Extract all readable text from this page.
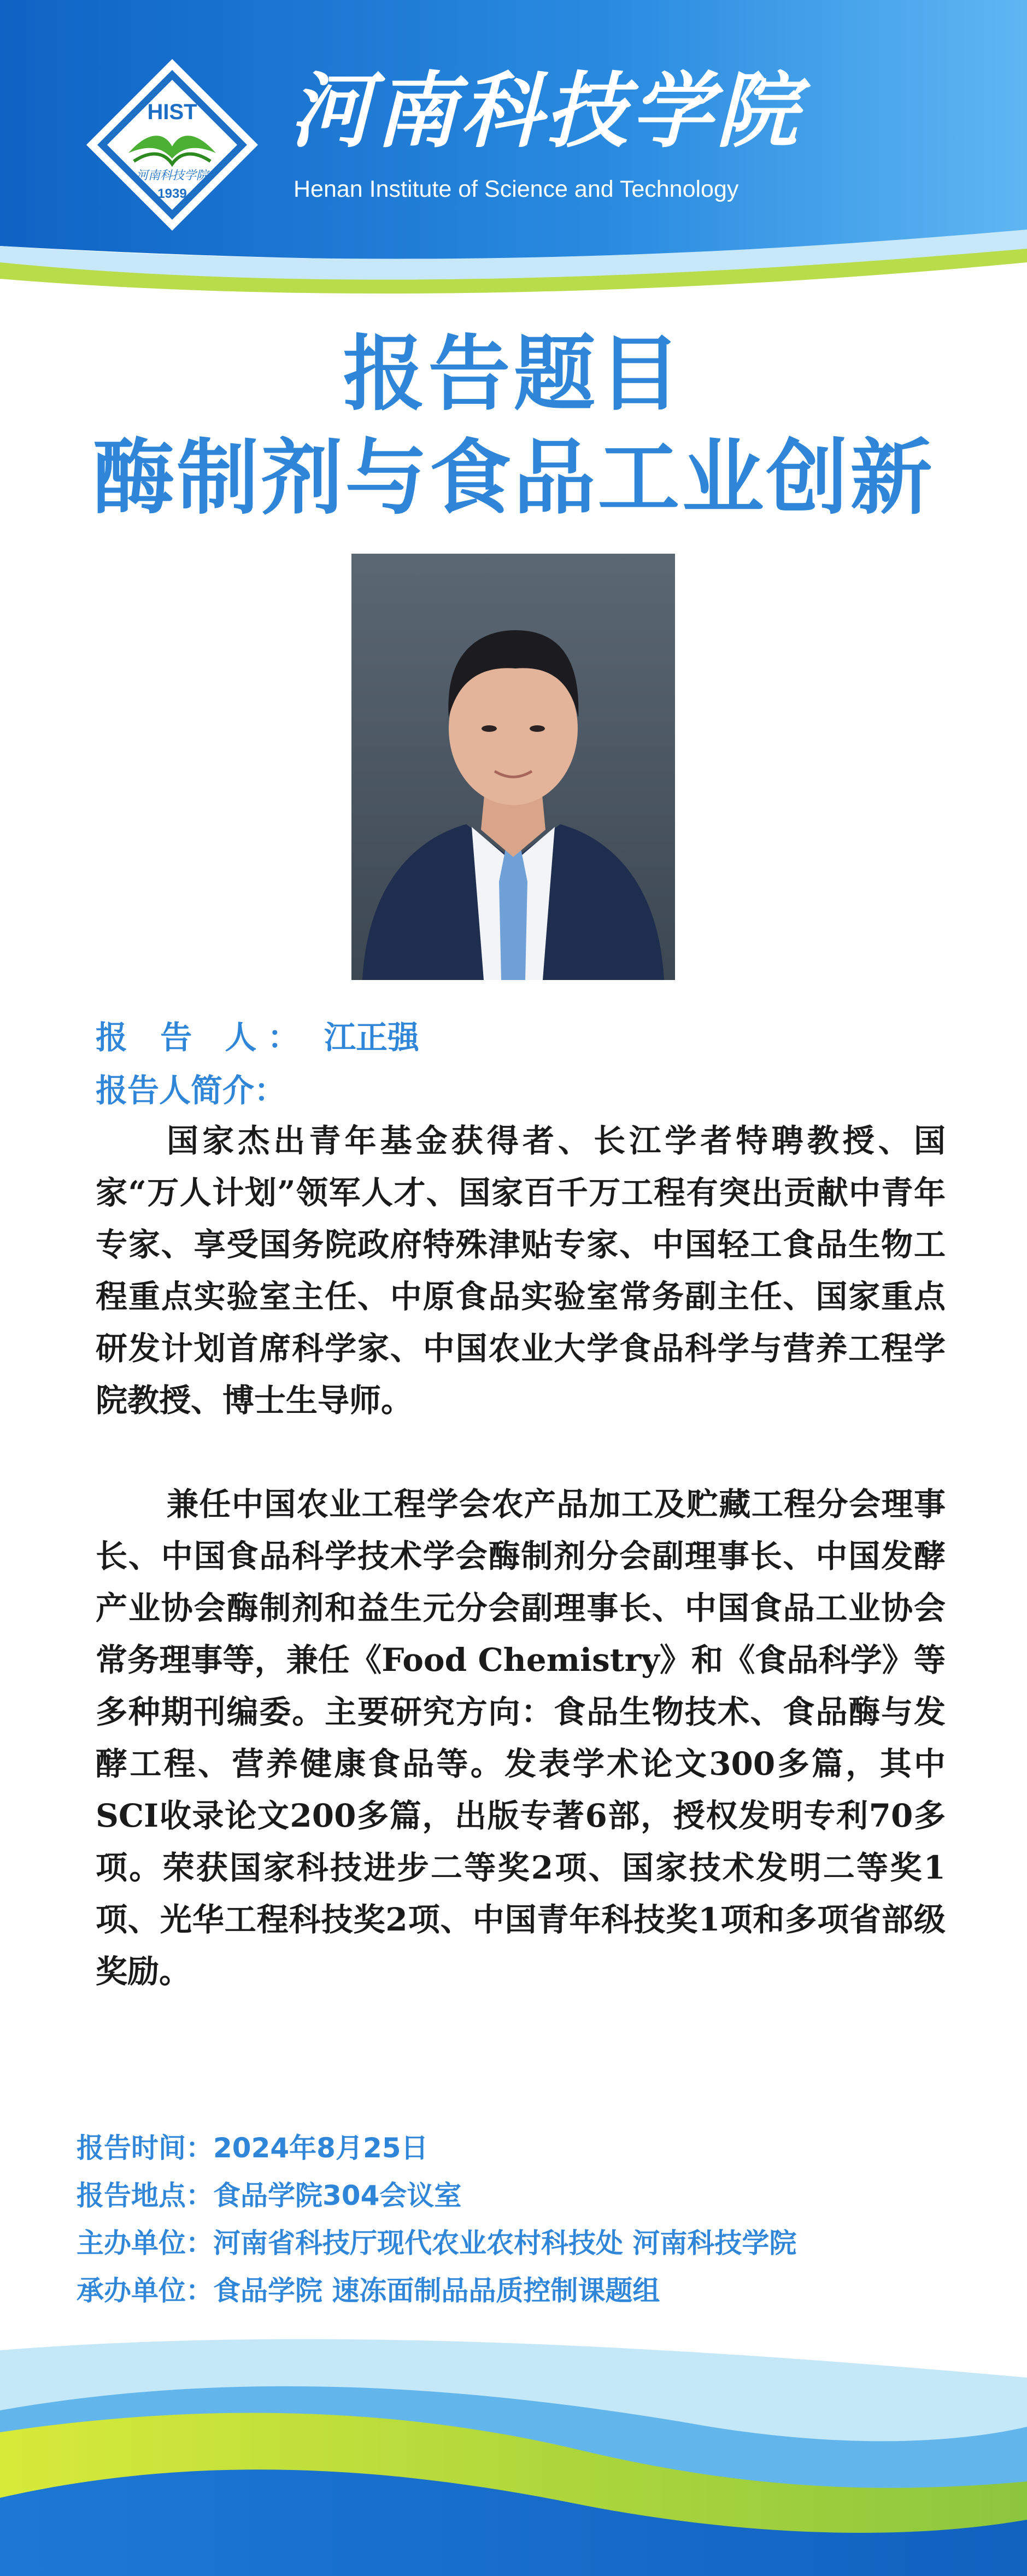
HIST
河南科技学院
1939
河南科技学院
Henan Institute of Science and Technology
报告题目
酶制剂与食品工业创新
报 告 人： 江正强
报告人简介：

国家杰出青年基金获得者、长江学者特聘教授、国家“万人计划”领军人才、国家百千万工程有突出贡献中青年专家、享受国务院政府特殊津贴专家、中国轻工食品生物工程重点实验室主任、中原食品实验室常务副主任、国家重点研发计划首席科学家、中国农业大学食品科学与营养工程学院教授、博士生导师。

兼任中国农业工程学会农产品加工及贮藏工程分会理事长、中国食品科学技术学会酶制剂分会副理事长、中国发酵产业协会酶制剂和益生元分会副理事长、中国食品工业协会常务理事等，兼任《Food Chemistry》和《食品科学》等多种期刊编委。主要研究方向：食品生物技术、食品酶与发酵工程、营养健康食品等。发表学术论文300多篇，其中SCI收录论文200多篇，出版专著6部，授权发明专利70多项。荣获国家科技进步二等奖2项、国家技术发明二等奖1项、光华工程科技奖2项、中国青年科技奖1项和多项省部级奖励。

报告时间：2024年8月25日
报告地点：食品学院304会议室
主办单位：河南省科技厅现代农业农村科技处 河南科技学院
承办单位：食品学院 速冻面制品品质控制课题组
